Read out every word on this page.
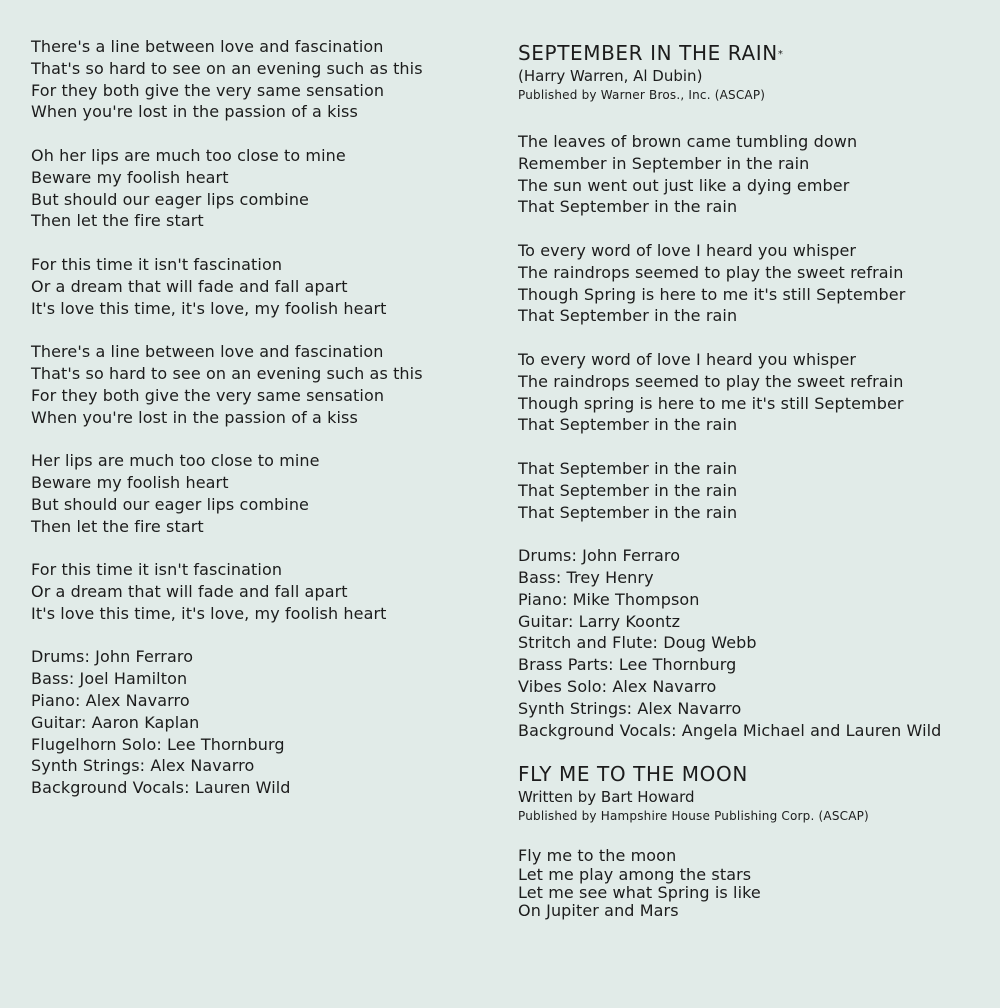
There's a line between love and fascination
That's so hard to see on an evening such as this
For they both give the very same sensation
When you're lost in the passion of a kiss
Oh her lips are much too close to mine
Beware my foolish heart
But should our eager lips combine
Then let the fire start
For this time it isn't fascination
Or a dream that will fade and fall apart
It's love this time, it's love, my foolish heart
There's a line between love and fascination
That's so hard to see on an evening such as this
For they both give the very same sensation
When you're lost in the passion of a kiss
Her lips are much too close to mine
Beware my foolish heart
But should our eager lips combine
Then let the fire start
For this time it isn't fascination
Or a dream that will fade and fall apart
It's love this time, it's love, my foolish heart
Drums: John Ferraro
Bass: Joel Hamilton
Piano: Alex Navarro
Guitar: Aaron Kaplan
Flugelhorn Solo: Lee Thornburg
Synth Strings: Alex Navarro
Background Vocals: Lauren Wild
SEPTEMBER IN THE RAIN*
(Harry Warren, Al Dubin)
Published by Warner Bros., Inc. (ASCAP)
The leaves of brown came tumbling down
Remember in September in the rain
The sun went out just like a dying ember
That September in the rain
To every word of love I heard you whisper
The raindrops seemed to play the sweet refrain
Though Spring is here to me it's still September
That September in the rain
To every word of love I heard you whisper
The raindrops seemed to play the sweet refrain
Though spring is here to me it's still September
That September in the rain
That September in the rain
That September in the rain
That September in the rain
Drums: John Ferraro
Bass: Trey Henry
Piano: Mike Thompson
Guitar: Larry Koontz
Stritch and Flute: Doug Webb
Brass Parts: Lee Thornburg
Vibes Solo: Alex Navarro
Synth Strings: Alex Navarro
Background Vocals: Angela Michael and Lauren Wild
FLY ME TO THE MOON
Written by Bart Howard
Published by Hampshire House Publishing Corp. (ASCAP)
Fly me to the moon
Let me play among the stars
Let me see what Spring is like
On Jupiter and Mars
